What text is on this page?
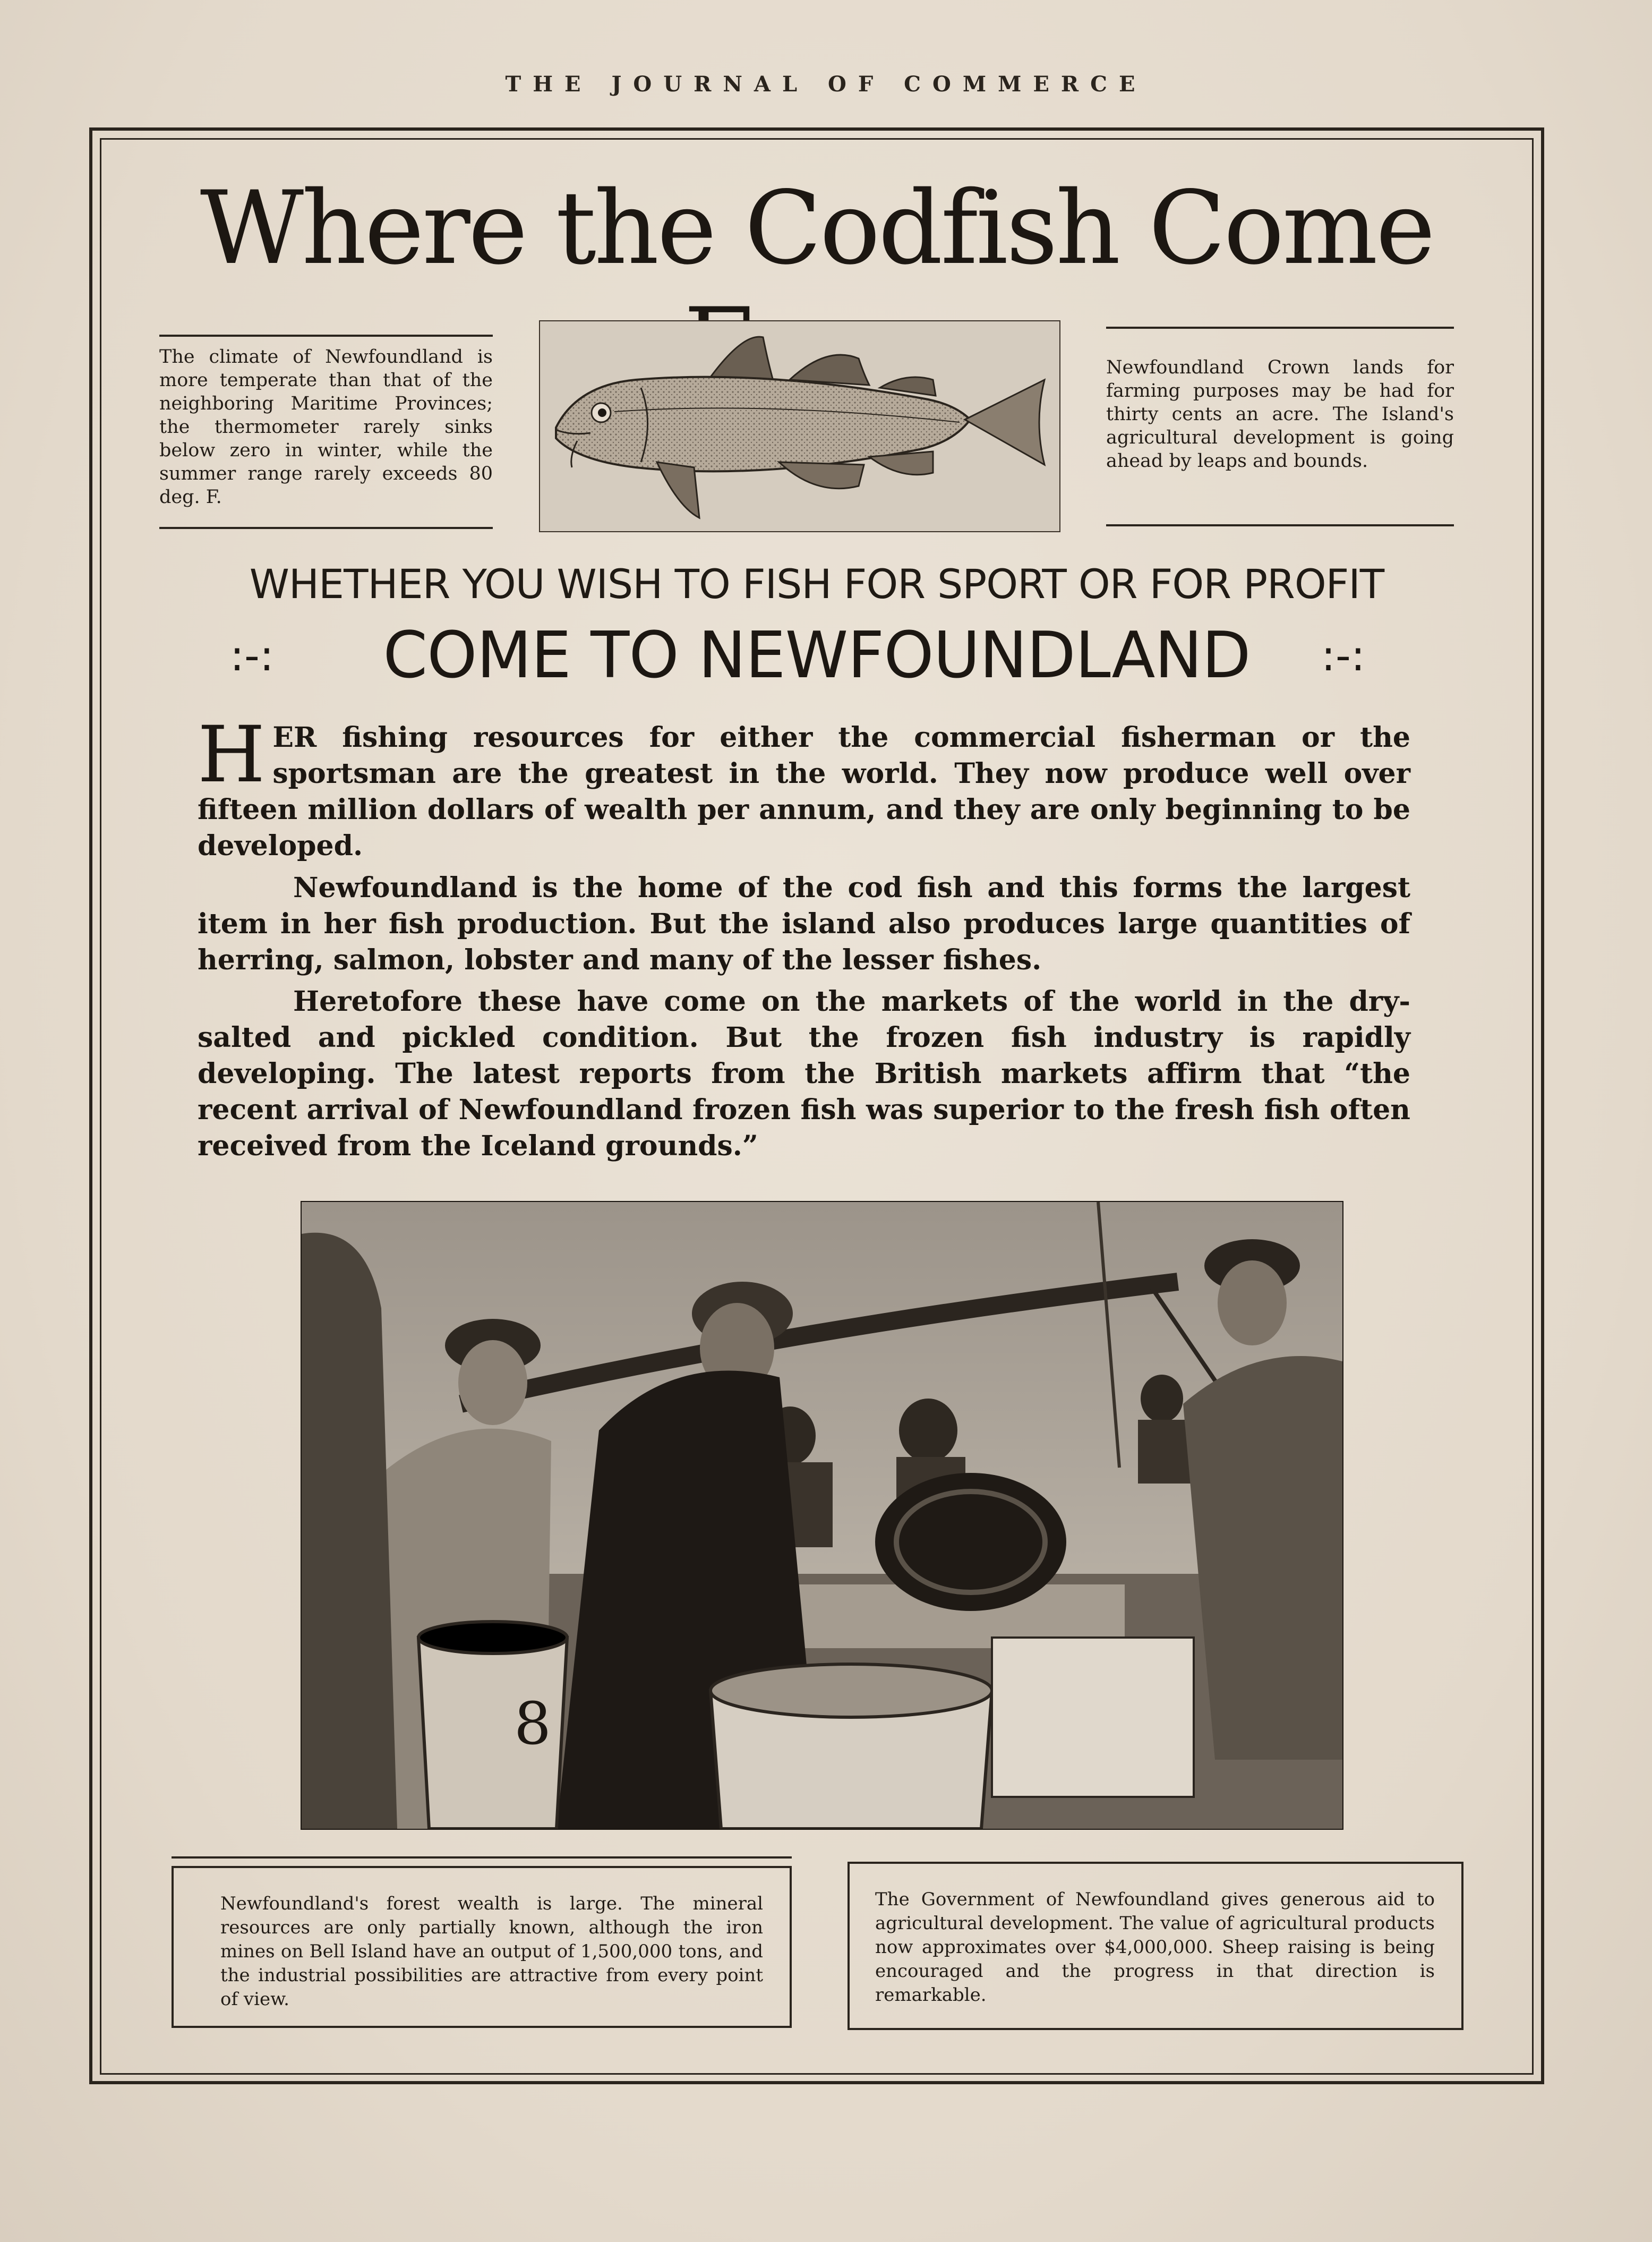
THE JOURNAL OF COMMERCE
Where the Codfish Come
The climate of Newfoundland is more temperate than that of the neighboring Maritime Provinces; the thermometer rarely sinks below zero in winter, while the summer range rarely exceeds 80 deg. F.
Newfoundland Crown lands for farming purposes may be had for thirty cents an acre. The Island's agricultural development is going ahead by leaps and bounds.
WHETHER YOU WISH TO FISH FOR SPORT OR FOR PROFIT
:-:	COME TO NEWFOUNDLAND	:-:
HER fishing resources for either the commercial fisherman or the sportsman are the greatest in the world. They now produce well over fifteen million dollars of wealth per annum, and they are only beginning to be developed.
Newfoundland is the home of the cod fish and this forms the largest item in her fish production. But the island also produces large quantities of herring, salmon, lobster and many of the lesser fishes.
Heretofore these have come on the markets of the world in the dry-salted and pickled condition. But the frozen fish industry is rapidly developing. The latest reports from the British markets affirm that “the recent arrival of Newfoundland frozen fish was superior to the fresh fish often received from the Iceland grounds.”
8
Newfoundland's forest wealth is large. The mineral resources are only partially known, although the iron mines on Bell Island have an output of 1,500,000 tons, and the industrial possibilities are attractive from every point of view.
The Government of Newfoundland gives generous aid to agricultural development. The value of agricultural products now approximates over $4,000,000. Sheep raising is being encouraged and the progress in that direction is remarkable.
